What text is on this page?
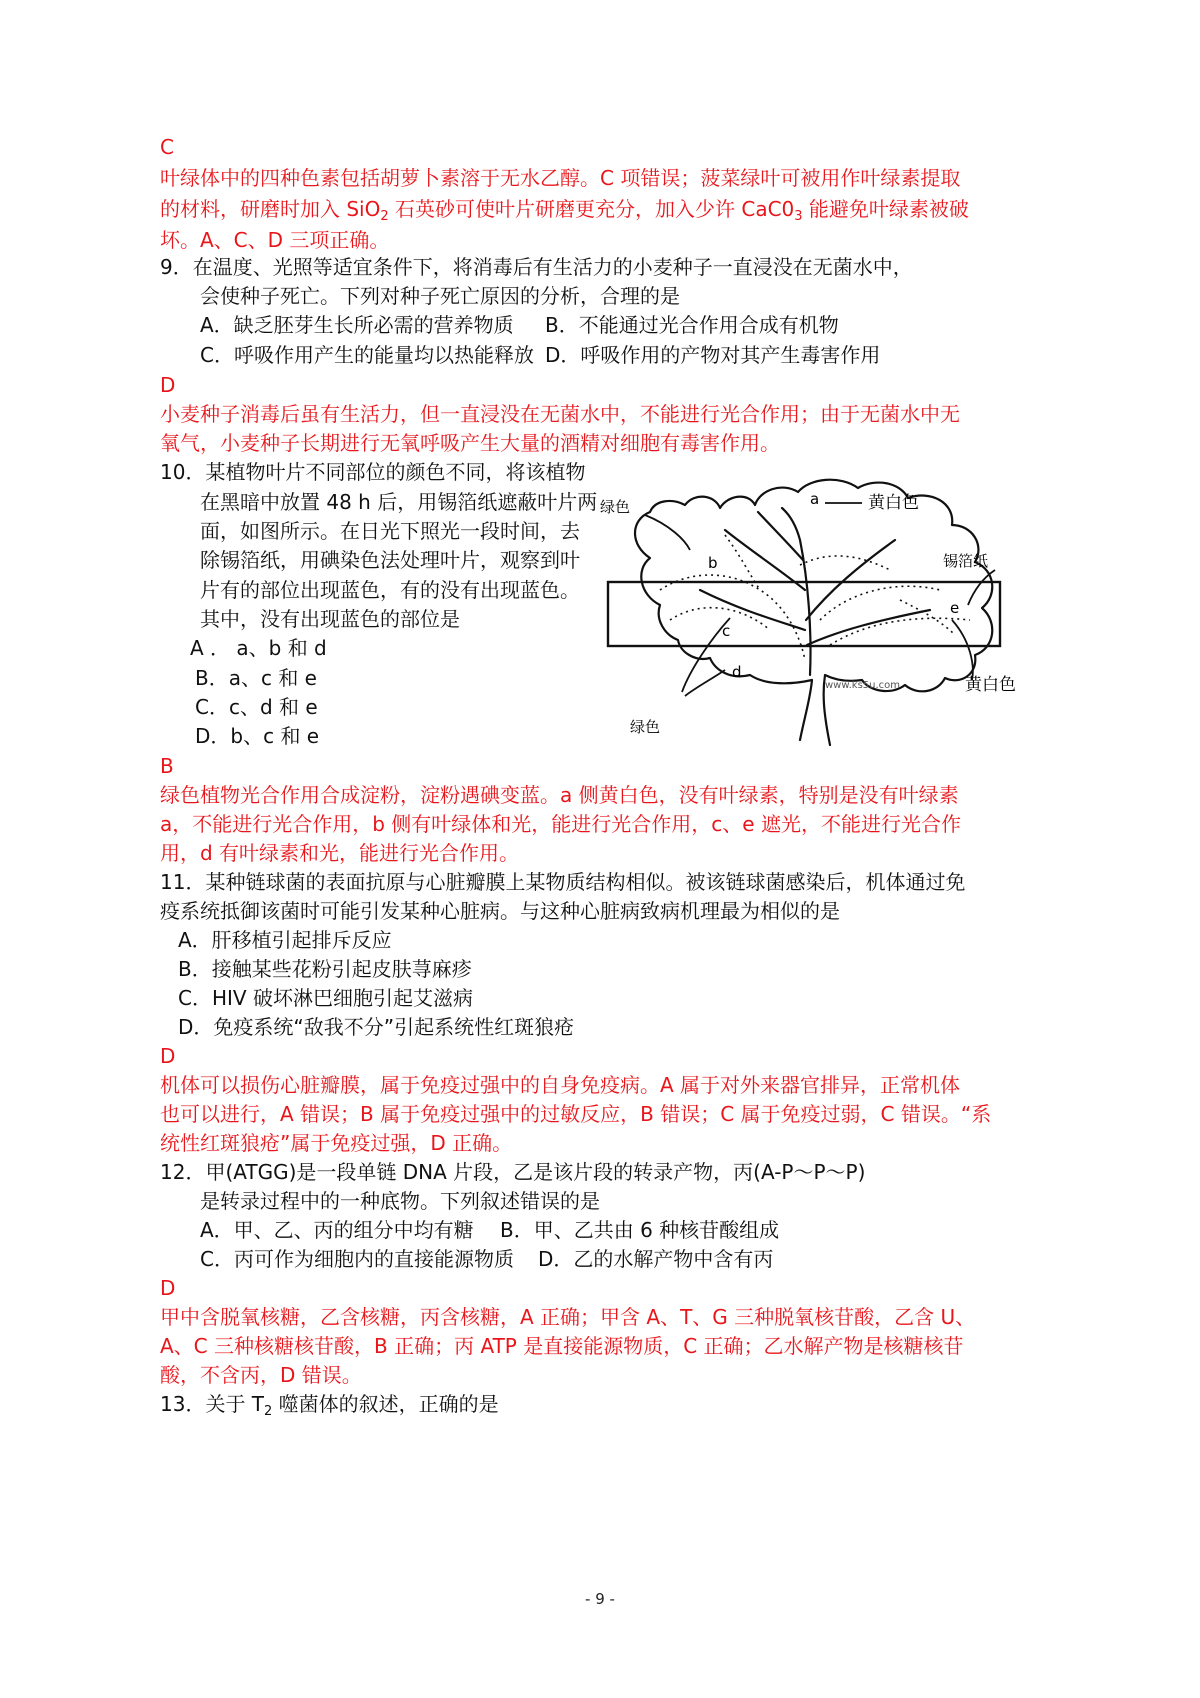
C
叶绿体中的四种色素包括胡萝卜素溶于无水乙醇。C 项错误；菠菜绿叶可被用作叶绿素提取
的材料，研磨时加入 SiO$_2$ 石英砂可使叶片研磨更充分，加入少许 $CaC0_3$ 能避免叶绿素被破
坏。A、C、D 三项正确。
9．在温度、光照等适宜条件下，将消毒后有生活力的小麦种子一直浸没在无菌水中，
会使种子死亡。下列对种子死亡原因的分析，合理的是
A．缺乏胚芽生长所必需的营养物质 B．不能通过光合作用合成有机物
C．呼吸作用产生的能量均以热能释放 D．呼吸作用的产物对其产生毒害作用
D
小麦种子消毒后虽有生活力，但一直浸没在无菌水中，不能进行光合作用；由于无菌水中无
氧气，小麦种子长期进行无氧呼吸产生大量的酒精对细胞有毒害作用。
10．某植物叶片不同部位的颜色不同，将该植物
在黑暗中放置 48 h 后，用锡箔纸遮蔽叶片两
面，如图所示。在日光下照光一段时间，去
除锡箔纸，用碘染色法处理叶片，观察到叶
片有的部位出现蓝色，有的没有出现蓝色。
其中，没有出现蓝色的部位是
A ． a、b 和 d
B．a、c 和 e
C．c、d 和 e
D．b、c 和 e
绿色	黄白色
锡箔纸
黄白色
绿色
www.ks5u.com
a
b
c
d
e
B
绿色植物光合作用合成淀粉，淀粉遇碘变蓝。a 侧黄白色，没有叶绿素，特别是没有叶绿素
a，不能进行光合作用，b 侧有叶绿体和光，能进行光合作用，c、e 遮光，不能进行光合作
用，d 有叶绿素和光，能进行光合作用。
11．某种链球菌的表面抗原与心脏瓣膜上某物质结构相似。被该链球菌感染后，机体通过免
疫系统抵御该菌时可能引发某种心脏病。与这种心脏病致病机理最为相似的是
A．肝移植引起排斥反应
B．接触某些花粉引起皮肤荨麻疹
C．HIV 破坏淋巴细胞引起艾滋病
D．免疫系统“敌我不分”引起系统性红斑狼疮
D
机体可以损伤心脏瓣膜，属于免疫过强中的自身免疫病。A 属于对外来器官排异，正常机体
也可以进行，A 错误；B 属于免疫过强中的过敏反应，B 错误；C 属于免疫过弱，C 错误。“系
统性红斑狼疮”属于免疫过强，D 正确。
12．甲(ATGG)是一段单链 DNA 片段，乙是该片段的转录产物，丙(A-P～P～P)
是转录过程中的一种底物。下列叙述错误的是
A．甲、乙、丙的组分中均有糖 B．甲、乙共由 6 种核苷酸组成
C．丙可作为细胞内的直接能源物质 D．乙的水解产物中含有丙
D
甲中含脱氧核糖，乙含核糖，丙含核糖，A 正确；甲含 A、T、G 三种脱氧核苷酸，乙含 U、
A、C 三种核糖核苷酸，B 正确；丙 ATP 是直接能源物质，C 正确；乙水解产物是核糖核苷
酸，不含丙，D 错误。
13．关于 $T_2$ 噬菌体的叙述，正确的是
- 9 -
